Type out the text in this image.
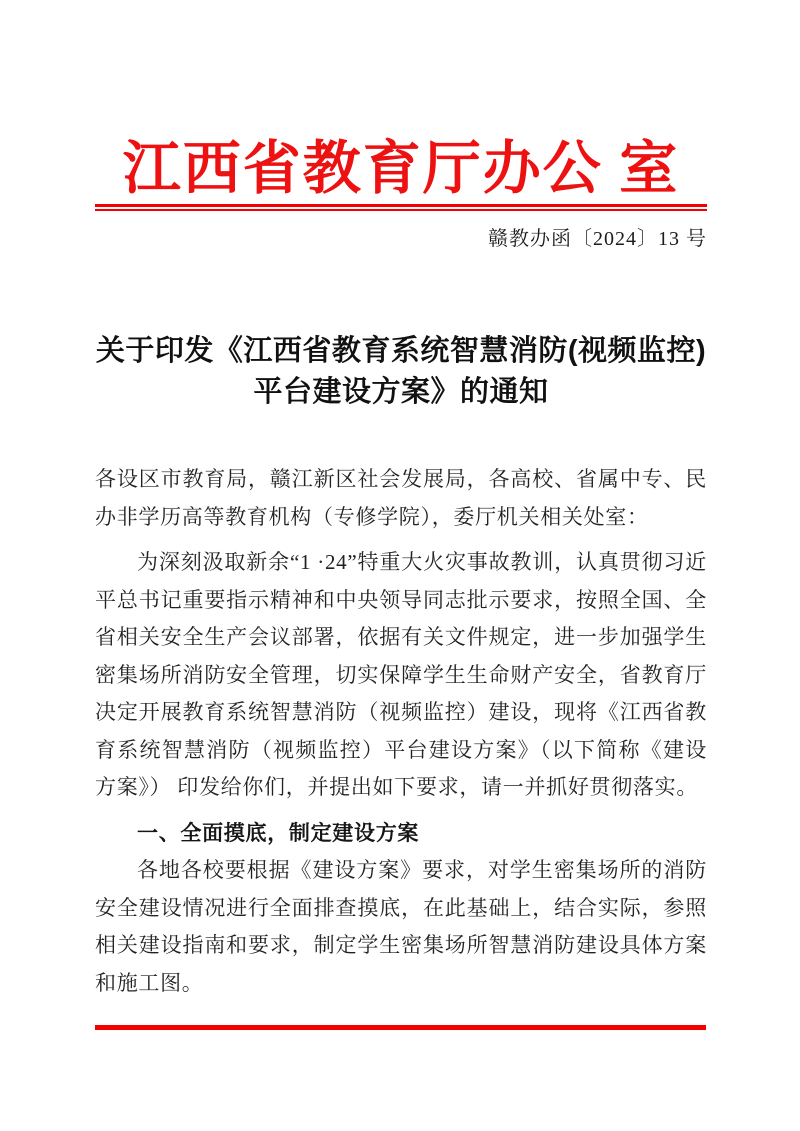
江西省教育厅办公 室
赣教办函〔2024〕13 号
关于印发《江西省教育系统智慧消防(视频监控)
平台建设方案》的通知

各设区市教育局，赣江新区社会发展局，各高校、省属中专、民办非学历高等教育机构（专修学院），委厅机关相关处室：

为深刻汲取新余“1 ·24”特重大火灾事故教训，认真贯彻习近平总书记重要指示精神和中央领导同志批示要求，按照全国、全省相关安全生产会议部署，依据有关文件规定，进一步加强学生密集场所消防安全管理，切实保障学生生命财产安全，省教育厅决定开展教育系统智慧消防（视频监控）建设，现将《江西省教育系统智慧消防（视频监控）平台建设方案》（以下简称《建设方案》） 印发给你们，并提出如下要求，请一并抓好贯彻落实。

一、全面摸底，制定建设方案

各地各校要根据《建设方案》要求，对学生密集场所的消防安全建设情况进行全面排查摸底，在此基础上，结合实际，参照相关建设指南和要求，制定学生密集场所智慧消防建设具体方案和施工图。
